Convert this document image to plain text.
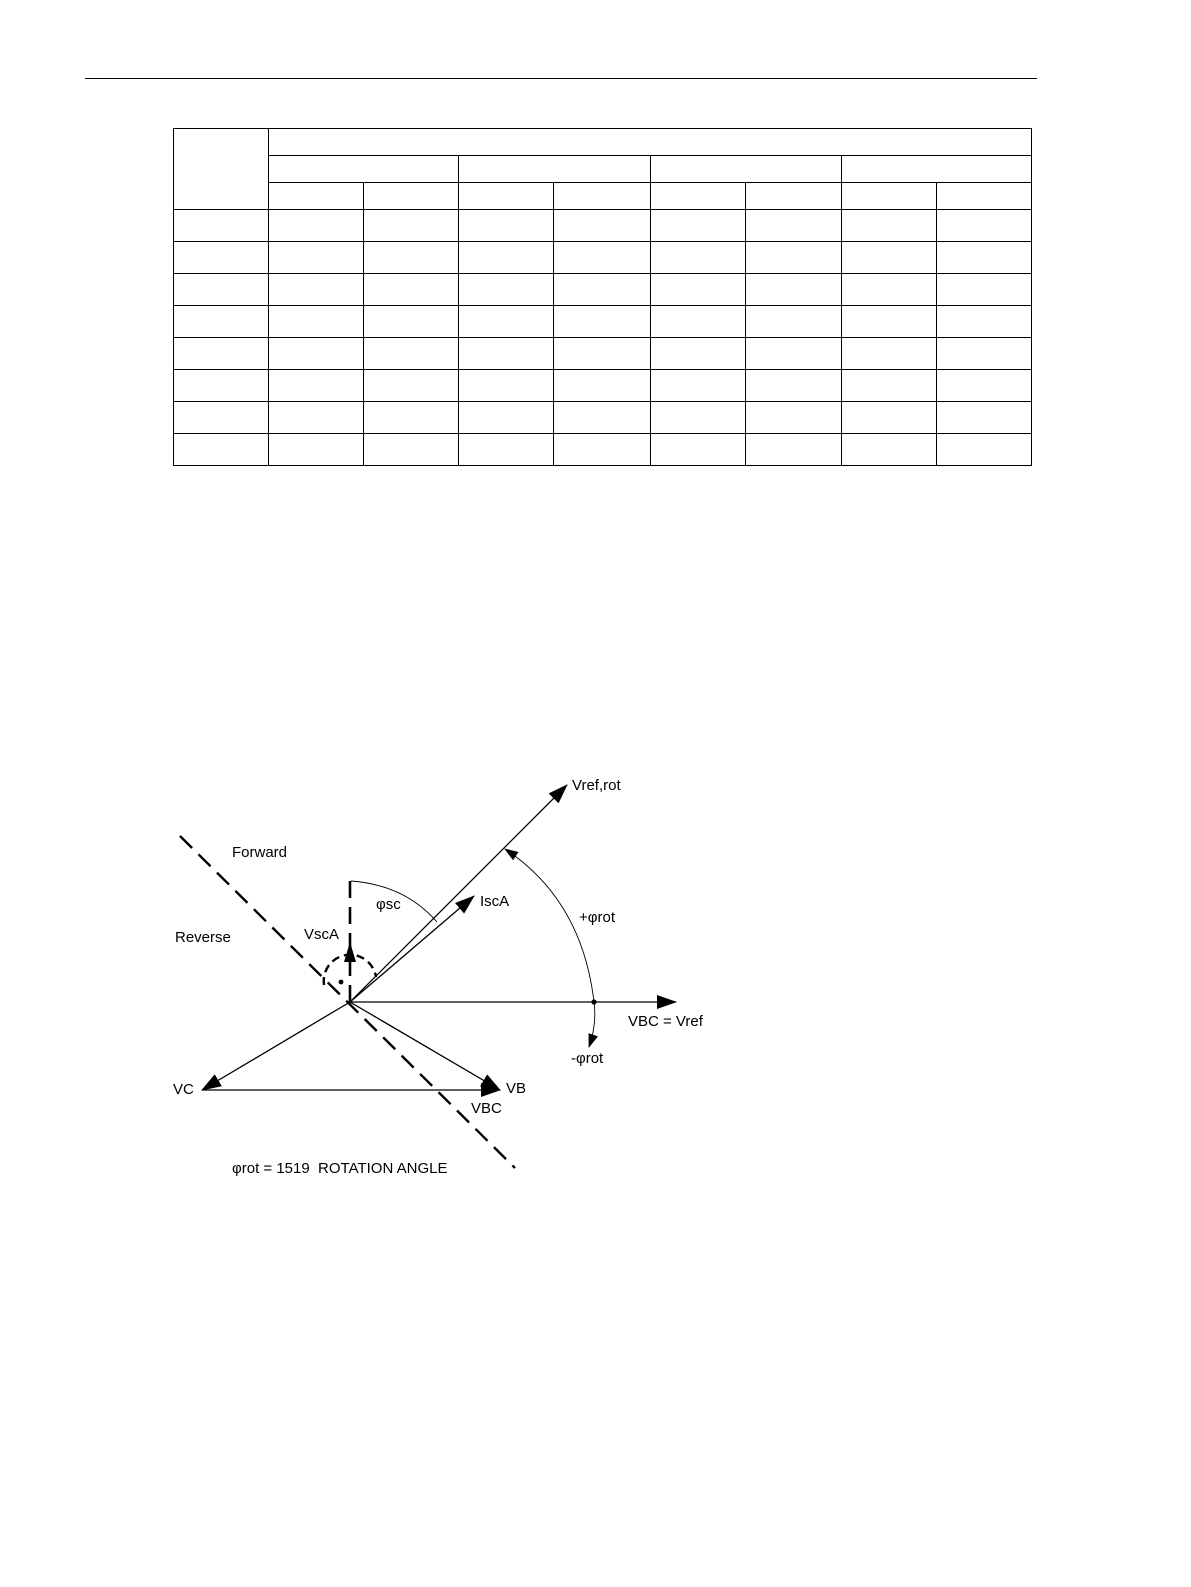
Forward
Reverse
Vref,rot
φsc	IscA
VscA
+φrot
VBC = Vref
-φrot
VC	VB
VBC
φrot = 1519  ROTATION ANGLE
